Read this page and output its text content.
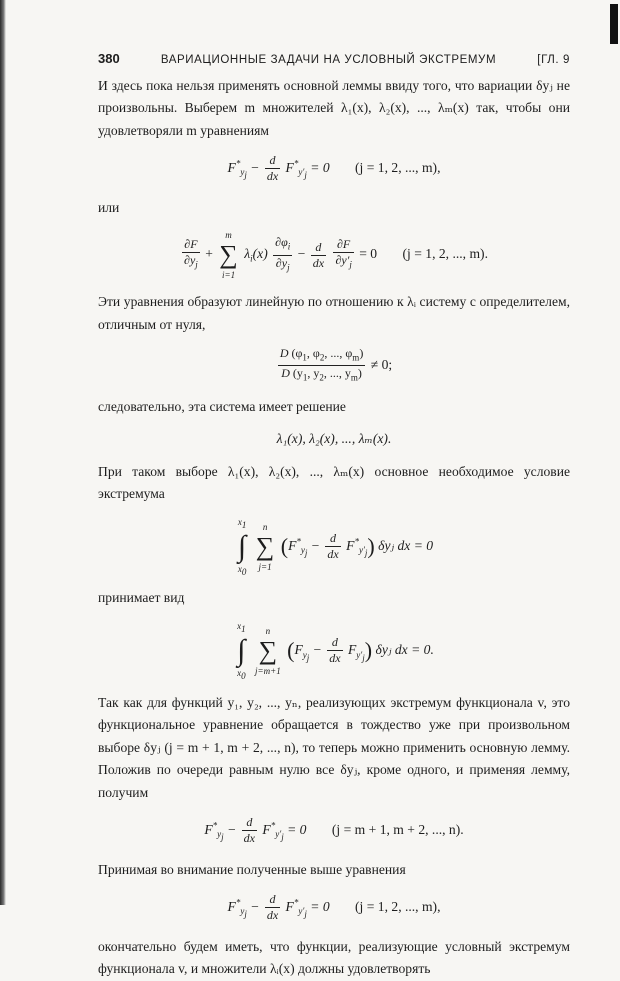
380	ВАРИАЦИОННЫЕ ЗАДАЧИ НА УСЛОВНЫЙ ЭКСТРЕМУМ	[ГЛ. 9

И здесь пока нельзя применять основной леммы ввиду того, что вариации δyⱼ не произвольны. Выберем m множителей λ₁(x), λ₂(x), ..., λₘ(x) так, чтобы они удовлетворяли m уравнениям

$F^*_{y_j} - \frac{d}{dx} F^*_{y'_j} = 0$ (j = 1, 2, ..., m),

или

$\frac{\partial F}{\partial y_j}$ +
m
∑
i=1
$\lambda_i(x) \frac{\partial\varphi_i}{\partial y_j} - \frac{d}{dx}$
$\frac{\partial F}{\partial y'_j} = 0$ (j = 1, 2, ..., m).

Эти уравнения образуют линейную по отношению к λᵢ систему с определителем, отличным от нуля,

$\frac{D (\varphi_1, \varphi_2, ..., \varphi_m)}{D (y_1, y_2, ..., y_m)} \ne 0$;

следовательно, эта система имеет решение

λ₁(x), λ₂(x), ..., λₘ(x).

При таком выборе λ₁(x), λ₂(x), ..., λₘ(x) основное необходимое условие экстремума

$x_1$
∫
$x_0$

n
∑
j=1
$(F^*_{y_j} - \frac{d}{dx} F^*_{y'_j})$ δyⱼ dx = 0

принимает вид

$x_1$
∫
$x_0$

n
∑
j=m+1
$(F_{y_j} - \frac{d}{dx} F_{y'_j})$ δyⱼ dx = 0.

Так как для функций y₁, y₂, ..., yₙ, реализующих экстремум функционала v, это функциональное уравнение обращается в тождество уже при произвольном выборе δyⱼ (j = m + 1, m + 2, ..., n), то теперь можно применить основную лемму. Положив по очереди равным нулю все δyⱼ, кроме одного, и применяя лемму, получим

$F^*_{y_j} - \frac{d}{dx} F^*_{y'_j} = 0$ (j = m + 1, m + 2, ..., n).

Принимая во внимание полученные выше уравнения

$F^*_{y_j} - \frac{d}{dx} F^*_{y'_j} = 0$ (j = 1, 2, ..., m),

окончательно будем иметь, что функции, реализующие условный экстремум функционала v, и множители λᵢ(x) должны удовлетворять
